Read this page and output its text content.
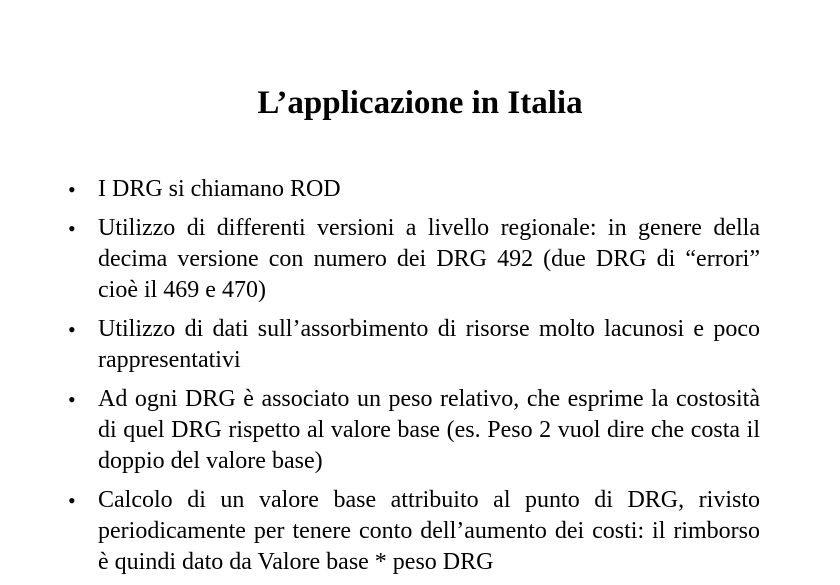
L’applicazione in Italia
• I DRG si chiamano ROD
• Utilizzo di differenti versioni a livello regionale: in genere della decima versione con numero dei DRG 492 (due DRG di “errori” cioè il 469 e 470)
• Utilizzo di dati sull’assorbimento di risorse molto lacunosi e poco rappresentativi
• Ad ogni DRG è associato un peso relativo, che esprime la costosità di quel DRG rispetto al valore base (es. Peso 2 vuol dire che costa il doppio del valore base)
• Calcolo di un valore base attribuito al punto di DRG, rivisto periodicamente per tenere conto dell’aumento dei costi: il rimborso è quindi dato da Valore base * peso DRG
